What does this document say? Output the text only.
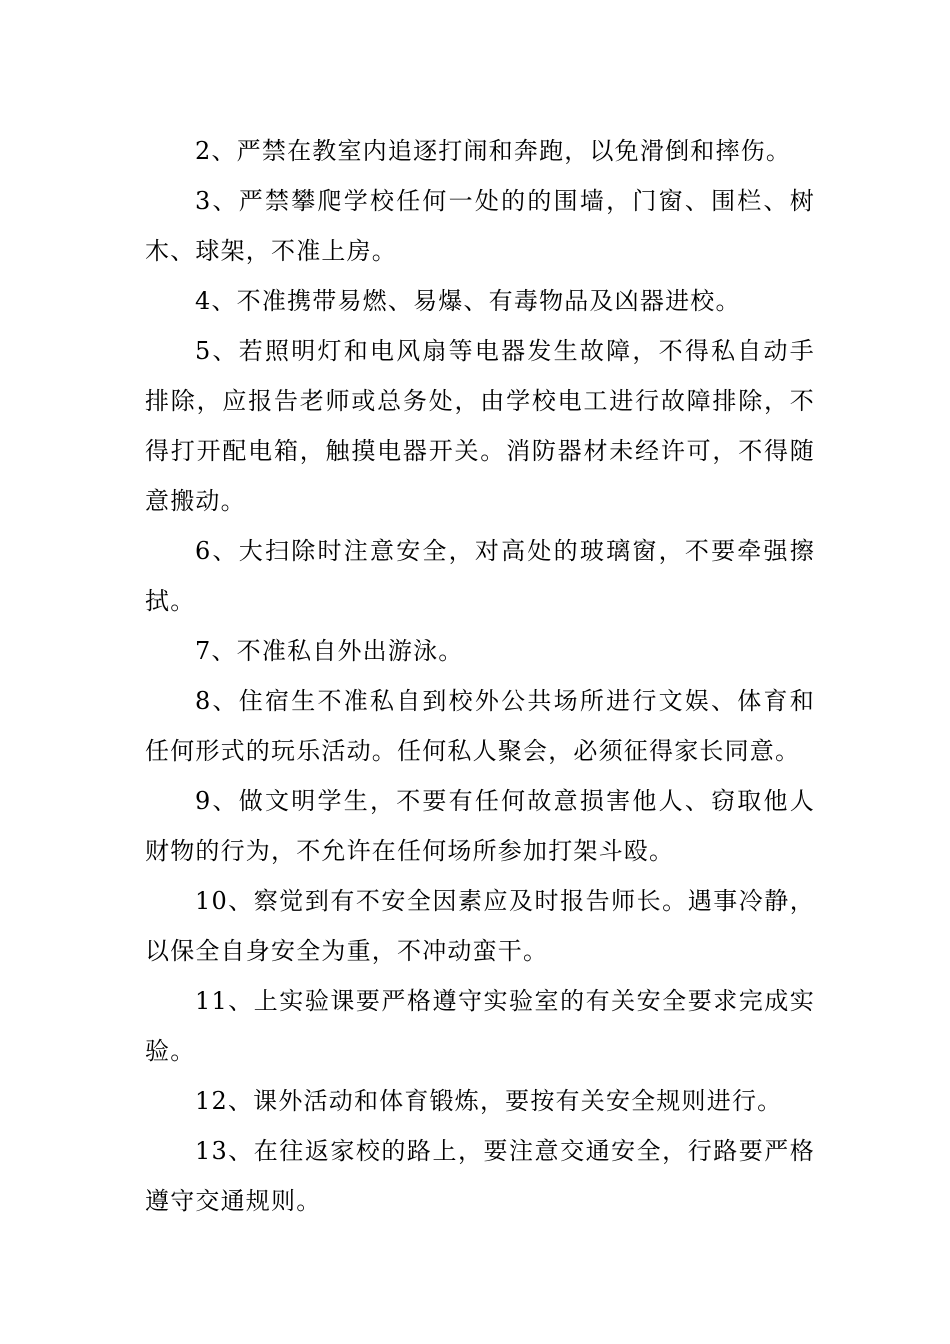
2、严禁在教室内追逐打闹和奔跑，以免滑倒和摔伤。

3、严禁攀爬学校任何一处的的围墙，门窗、围栏、树木、球架，不准上房。

4、不准携带易燃、易爆、有毒物品及凶器进校。

5、若照明灯和电风扇等电器发生故障，不得私自动手排除，应报告老师或总务处，由学校电工进行故障排除，不得打开配电箱，触摸电器开关。消防器材未经许可，不得随意搬动。

6、大扫除时注意安全，对高处的玻璃窗，不要牵强擦拭。

7、不准私自外出游泳。

8、住宿生不准私自到校外公共场所进行文娱、体育和任何形式的玩乐活动。任何私人聚会，必须征得家长同意。

9、做文明学生，不要有任何故意损害他人、窃取他人财物的行为，不允许在任何场所参加打架斗殴。

10、察觉到有不安全因素应及时报告师长。遇事冷静，以保全自身安全为重，不冲动蛮干。

11、上实验课要严格遵守实验室的有关安全要求完成实验。

12、课外活动和体育锻炼，要按有关安全规则进行。

13、在往返家校的路上，要注意交通安全，行路要严格遵守交通规则。
